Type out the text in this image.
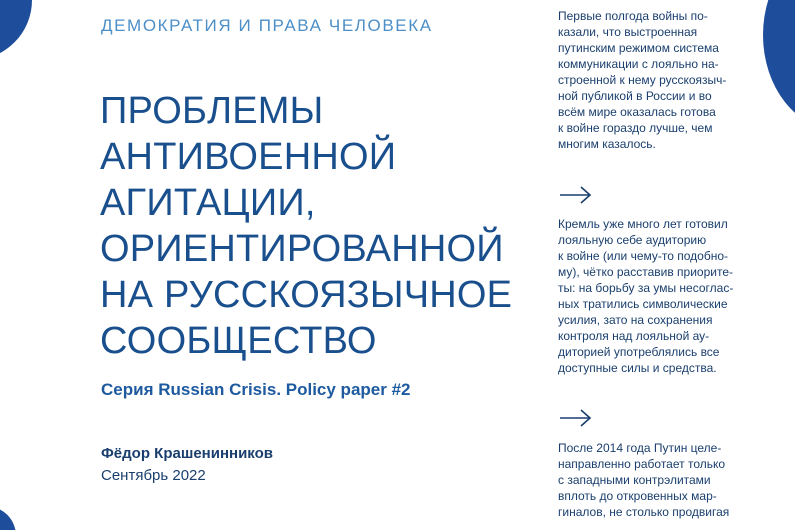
ДЕМОКРАТИЯ И ПРАВА ЧЕЛОВЕКА
ПРОБЛЕМЫ
АНТИВОЕННОЙ
АГИТАЦИИ,
ОРИЕНТИРОВАННОЙ
НА РУССКОЯЗЫЧНОЕ
СООБЩЕСТВО
Серия Russian Crisis. Policy paper #2
Фёдор Крашенинников
Сентябрь 2022
Первые полгода войны по-
казали, что выстроенная
путинским режимом система
коммуникации с лояльно на-
строенной к нему русскоязыч-
ной публикой в России и во
всём мире оказалась готова
к войне гораздо лучше, чем
многим казалось.
Кремль уже много лет готовил
лояльную себе аудиторию
к войне (или чему-то подобно-
му), чётко расставив приорите-
ты: на борьбу за умы несоглас-
ных тратились символические
усилия, зато на сохранения
контроля над лояльной ау-
диторией употреблялись все
доступные силы и средства.
После 2014 года Путин целе-
направленно работает только
с западными контрэлитами
вплоть до откровенных мар-
гиналов, не столько продвигая
